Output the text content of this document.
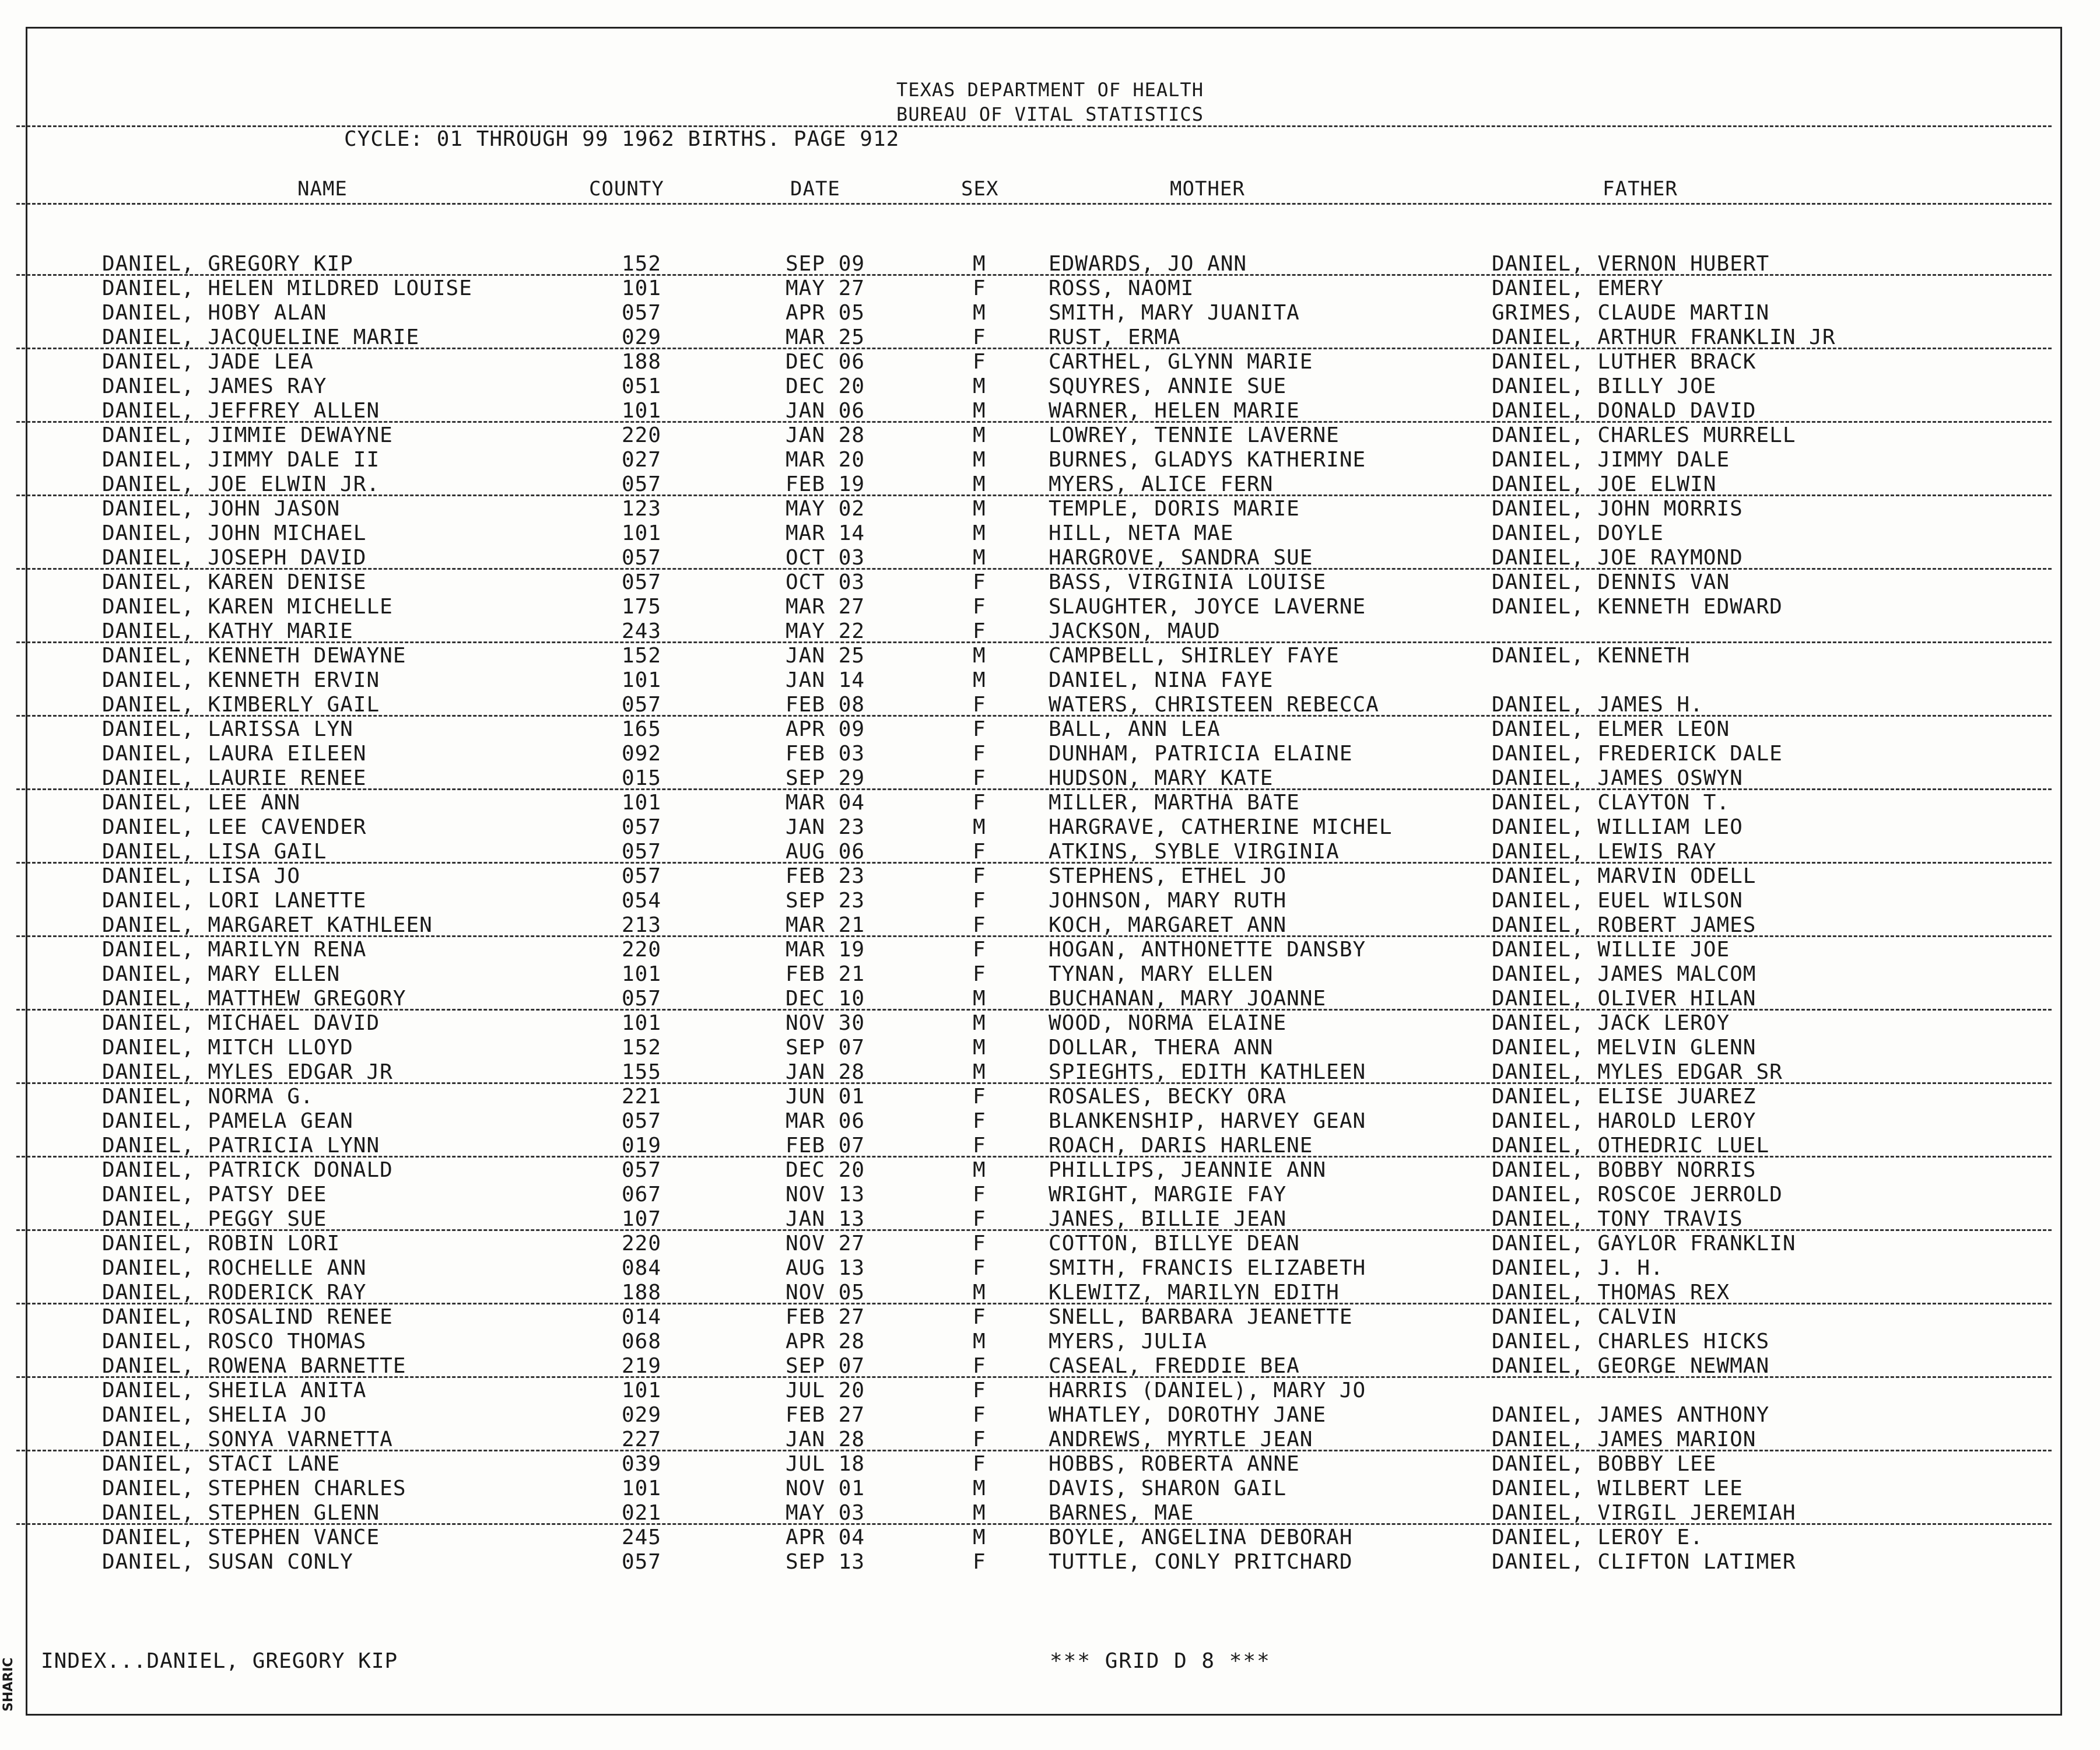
TEXAS DEPARTMENT OF HEALTH
BUREAU OF VITAL STATISTICS
CYCLE: 01 THROUGH 99 1962 BIRTHS. PAGE 912
NAME	COUNTY	DATE	SEX	MOTHER	FATHER
DANIEL, GREGORY KIP	152	SEP 09	M	EDWARDS, JO ANN	DANIEL, VERNON HUBERT
DANIEL, HELEN MILDRED LOUISE	101	MAY 27	F	ROSS, NAOMI	DANIEL, EMERY
DANIEL, HOBY ALAN	057	APR 05	M	SMITH, MARY JUANITA	GRIMES, CLAUDE MARTIN
DANIEL, JACQUELINE MARIE	029	MAR 25	F	RUST, ERMA	DANIEL, ARTHUR FRANKLIN JR
DANIEL, JADE LEA	188	DEC 06	F	CARTHEL, GLYNN MARIE	DANIEL, LUTHER BRACK
DANIEL, JAMES RAY	051	DEC 20	M	SQUYRES, ANNIE SUE	DANIEL, BILLY JOE
DANIEL, JEFFREY ALLEN	101	JAN 06	M	WARNER, HELEN MARIE	DANIEL, DONALD DAVID
DANIEL, JIMMIE DEWAYNE	220	JAN 28	M	LOWREY, TENNIE LAVERNE	DANIEL, CHARLES MURRELL
DANIEL, JIMMY DALE II	027	MAR 20	M	BURNES, GLADYS KATHERINE	DANIEL, JIMMY DALE
DANIEL, JOE ELWIN JR.	057	FEB 19	M	MYERS, ALICE FERN	DANIEL, JOE ELWIN
DANIEL, JOHN JASON	123	MAY 02	M	TEMPLE, DORIS MARIE	DANIEL, JOHN MORRIS
DANIEL, JOHN MICHAEL	101	MAR 14	M	HILL, NETA MAE	DANIEL, DOYLE
DANIEL, JOSEPH DAVID	057	OCT 03	M	HARGROVE, SANDRA SUE	DANIEL, JOE RAYMOND
DANIEL, KAREN DENISE	057	OCT 03	F	BASS, VIRGINIA LOUISE	DANIEL, DENNIS VAN
DANIEL, KAREN MICHELLE	175	MAR 27	F	SLAUGHTER, JOYCE LAVERNE	DANIEL, KENNETH EDWARD
DANIEL, KATHY MARIE	243	MAY 22	F	JACKSON, MAUD
DANIEL, KENNETH DEWAYNE	152	JAN 25	M	CAMPBELL, SHIRLEY FAYE	DANIEL, KENNETH
DANIEL, KENNETH ERVIN	101	JAN 14	M	DANIEL, NINA FAYE
DANIEL, KIMBERLY GAIL	057	FEB 08	F	WATERS, CHRISTEEN REBECCA	DANIEL, JAMES H.
DANIEL, LARISSA LYN	165	APR 09	F	BALL, ANN LEA	DANIEL, ELMER LEON
DANIEL, LAURA EILEEN	092	FEB 03	F	DUNHAM, PATRICIA ELAINE	DANIEL, FREDERICK DALE
DANIEL, LAURIE RENEE	015	SEP 29	F	HUDSON, MARY KATE	DANIEL, JAMES OSWYN
DANIEL, LEE ANN	101	MAR 04	F	MILLER, MARTHA BATE	DANIEL, CLAYTON T.
DANIEL, LEE CAVENDER	057	JAN 23	M	HARGRAVE, CATHERINE MICHEL	DANIEL, WILLIAM LEO
DANIEL, LISA GAIL	057	AUG 06	F	ATKINS, SYBLE VIRGINIA	DANIEL, LEWIS RAY
DANIEL, LISA JO	057	FEB 23	F	STEPHENS, ETHEL JO	DANIEL, MARVIN ODELL
DANIEL, LORI LANETTE	054	SEP 23	F	JOHNSON, MARY RUTH	DANIEL, EUEL WILSON
DANIEL, MARGARET KATHLEEN	213	MAR 21	F	KOCH, MARGARET ANN	DANIEL, ROBERT JAMES
DANIEL, MARILYN RENA	220	MAR 19	F	HOGAN, ANTHONETTE DANSBY	DANIEL, WILLIE JOE
DANIEL, MARY ELLEN	101	FEB 21	F	TYNAN, MARY ELLEN	DANIEL, JAMES MALCOM
DANIEL, MATTHEW GREGORY	057	DEC 10	M	BUCHANAN, MARY JOANNE	DANIEL, OLIVER HILAN
DANIEL, MICHAEL DAVID	101	NOV 30	M	WOOD, NORMA ELAINE	DANIEL, JACK LEROY
DANIEL, MITCH LLOYD	152	SEP 07	M	DOLLAR, THERA ANN	DANIEL, MELVIN GLENN
DANIEL, MYLES EDGAR JR	155	JAN 28	M	SPIEGHTS, EDITH KATHLEEN	DANIEL, MYLES EDGAR SR
DANIEL, NORMA G.	221	JUN 01	F	ROSALES, BECKY ORA	DANIEL, ELISE JUAREZ
DANIEL, PAMELA GEAN	057	MAR 06	F	BLANKENSHIP, HARVEY GEAN	DANIEL, HAROLD LEROY
DANIEL, PATRICIA LYNN	019	FEB 07	F	ROACH, DARIS HARLENE	DANIEL, OTHEDRIC LUEL
DANIEL, PATRICK DONALD	057	DEC 20	M	PHILLIPS, JEANNIE ANN	DANIEL, BOBBY NORRIS
DANIEL, PATSY DEE	067	NOV 13	F	WRIGHT, MARGIE FAY	DANIEL, ROSCOE JERROLD
DANIEL, PEGGY SUE	107	JAN 13	F	JANES, BILLIE JEAN	DANIEL, TONY TRAVIS
DANIEL, ROBIN LORI	220	NOV 27	F	COTTON, BILLYE DEAN	DANIEL, GAYLOR FRANKLIN
DANIEL, ROCHELLE ANN	084	AUG 13	F	SMITH, FRANCIS ELIZABETH	DANIEL, J. H.
DANIEL, RODERICK RAY	188	NOV 05	M	KLEWITZ, MARILYN EDITH	DANIEL, THOMAS REX
DANIEL, ROSALIND RENEE	014	FEB 27	F	SNELL, BARBARA JEANETTE	DANIEL, CALVIN
DANIEL, ROSCO THOMAS	068	APR 28	M	MYERS, JULIA	DANIEL, CHARLES HICKS
DANIEL, ROWENA BARNETTE	219	SEP 07	F	CASEAL, FREDDIE BEA	DANIEL, GEORGE NEWMAN
DANIEL, SHEILA ANITA	101	JUL 20	F	HARRIS (DANIEL), MARY JO
DANIEL, SHELIA JO	029	FEB 27	F	WHATLEY, DOROTHY JANE	DANIEL, JAMES ANTHONY
DANIEL, SONYA VARNETTA	227	JAN 28	F	ANDREWS, MYRTLE JEAN	DANIEL, JAMES MARION
DANIEL, STACI LANE	039	JUL 18	F	HOBBS, ROBERTA ANNE	DANIEL, BOBBY LEE
DANIEL, STEPHEN CHARLES	101	NOV 01	M	DAVIS, SHARON GAIL	DANIEL, WILBERT LEE
DANIEL, STEPHEN GLENN	021	MAY 03	M	BARNES, MAE	DANIEL, VIRGIL JEREMIAH
DANIEL, STEPHEN VANCE	245	APR 04	M	BOYLE, ANGELINA DEBORAH	DANIEL, LEROY E.
DANIEL, SUSAN CONLY	057	SEP 13	F	TUTTLE, CONLY PRITCHARD	DANIEL, CLIFTON LATIMER
INDEX...DANIEL, GREGORY KIP	*** GRID D 8 ***
SHARIC
